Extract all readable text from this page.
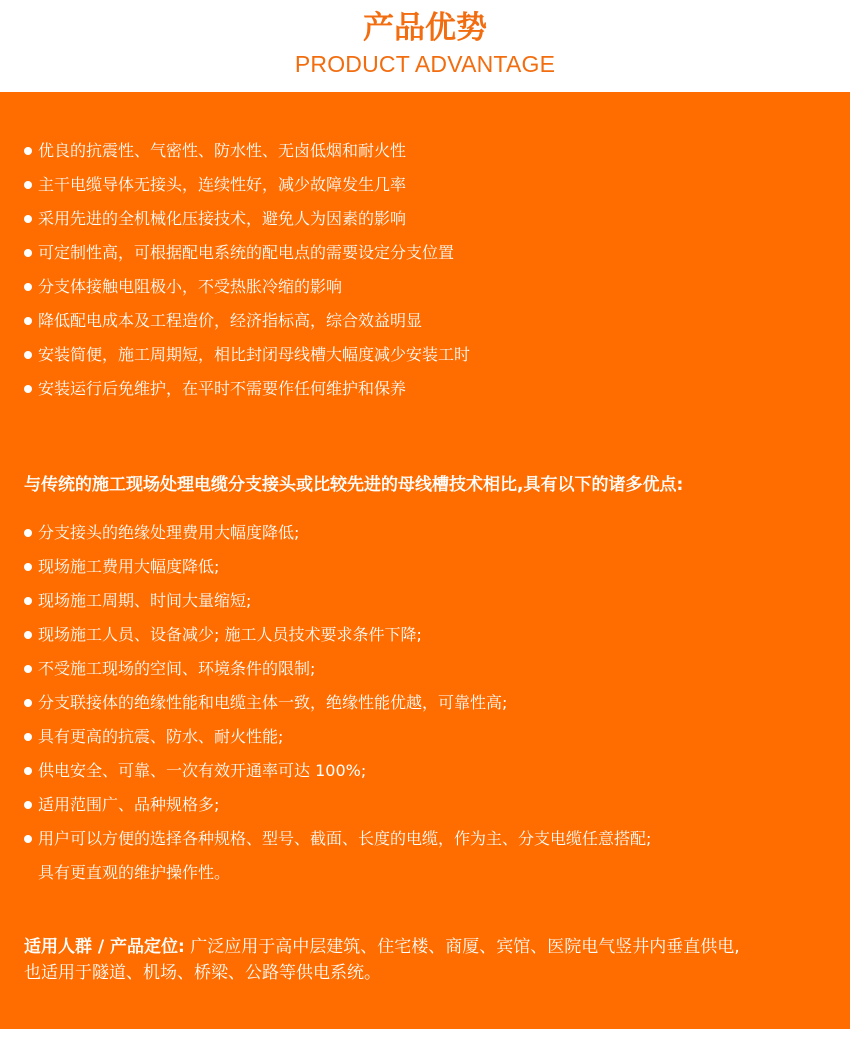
产品优势
PRODUCT ADVANTAGE
优良的抗震性、气密性、防水性、无卤低烟和耐火性
主干电缆导体无接头，连续性好，减少故障发生几率
采用先进的全机械化压接技术，避免人为因素的影响
可定制性高，可根据配电系统的配电点的需要设定分支位置
分支体接触电阻极小，不受热胀冷缩的影响
降低配电成本及工程造价，经济指标高，综合效益明显
安装简便，施工周期短，相比封闭母线槽大幅度减少安装工时
安装运行后免维护，在平时不需要作任何维护和保养
与传统的施工现场处理电缆分支接头或比较先进的母线槽技术相比,具有以下的诸多优点:
分支接头的绝缘处理费用大幅度降低;
现场施工费用大幅度降低;
现场施工周期、时间大量缩短;
现场施工人员、设备减少; 施工人员技术要求条件下降;
不受施工现场的空间、环境条件的限制;
分支联接体的绝缘性能和电缆主体一致，绝缘性能优越，可靠性高;
具有更高的抗震、防水、耐火性能;
供电安全、可靠、一次有效开通率可达 100%;
适用范围广、品种规格多;
用户可以方便的选择各种规格、型号、截面、长度的电缆，作为主、分支电缆任意搭配;
具有更直观的维护操作性。
适用人群 / 产品定位: 广泛应用于高中层建筑、住宅楼、商厦、宾馆、医院电气竖井内垂直供电,
也适用于隧道、机场、桥梁、公路等供电系统。
